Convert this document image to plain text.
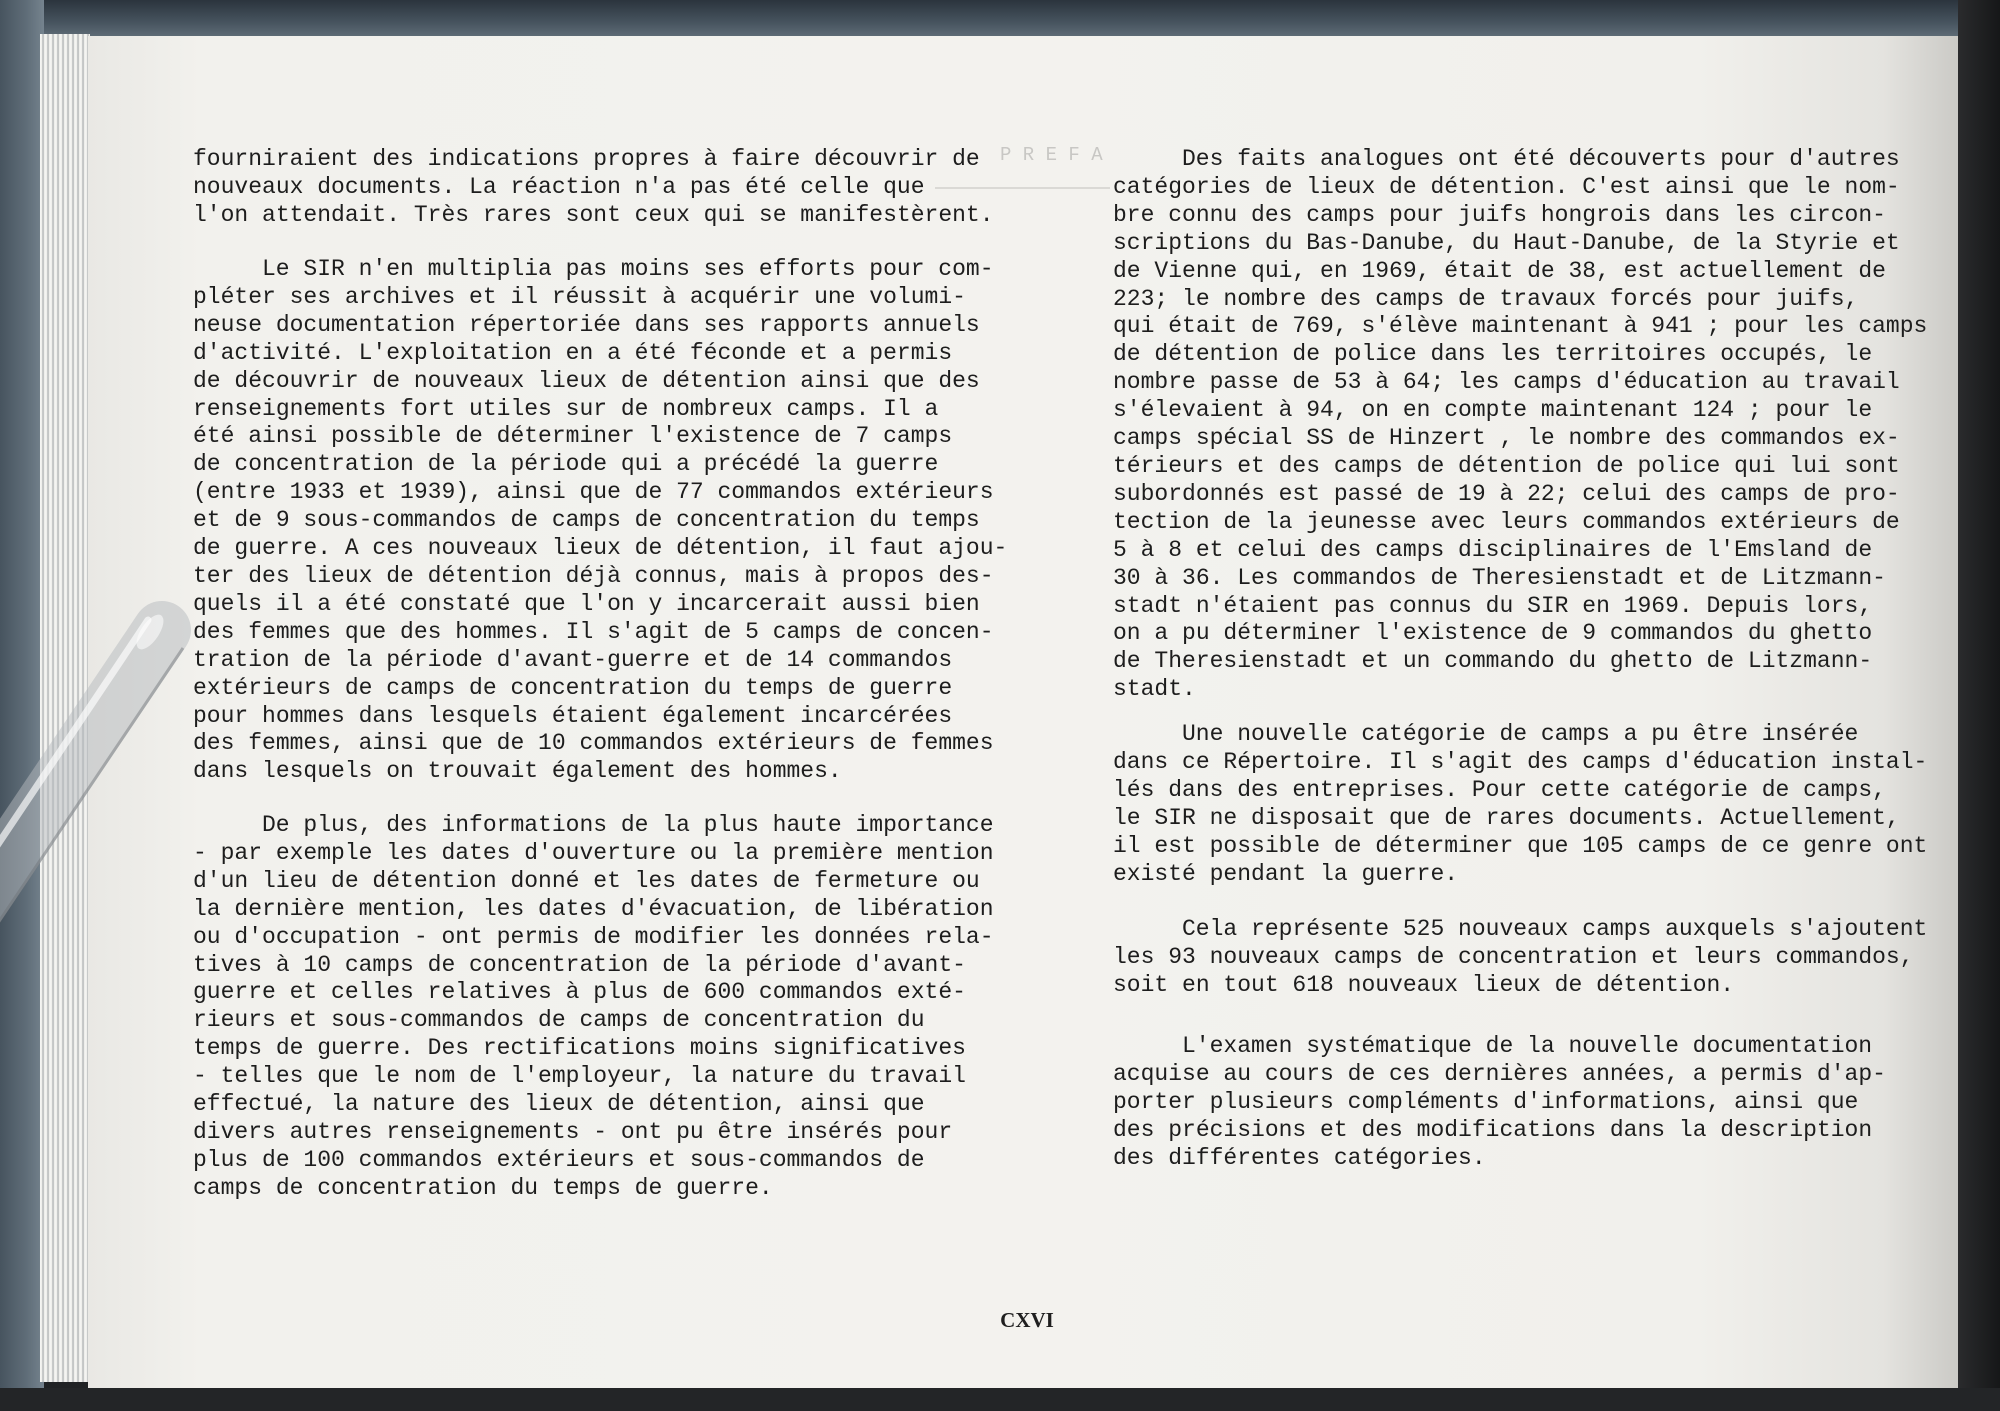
P R E F A

fourniraient des indications propres à faire découvrir de
nouveaux documents. La réaction n'a pas été celle que
l'on attendait. Très rares sont ceux qui se manifestèrent.

Le SIR n'en multiplia pas moins ses efforts pour com-
pléter ses archives et il réussit à acquérir une volumi-
neuse documentation répertoriée dans ses rapports annuels
d'activité. L'exploitation en a été féconde et a permis
de découvrir de nouveaux lieux de détention ainsi que des
renseignements fort utiles sur de nombreux camps. Il a
été ainsi possible de déterminer l'existence de 7 camps
de concentration de la période qui a précédé la guerre
(entre 1933 et 1939), ainsi que de 77 commandos extérieurs
et de 9 sous-commandos de camps de concentration du temps
de guerre. A ces nouveaux lieux de détention, il faut ajou-
ter des lieux de détention déjà connus, mais à propos des-
quels il a été constaté que l'on y incarcerait aussi bien
des femmes que des hommes. Il s'agit de 5 camps de concen-
tration de la période d'avant-guerre et de 14 commandos
extérieurs de camps de concentration du temps de guerre
pour hommes dans lesquels étaient également incarcérées
des femmes, ainsi que de 10 commandos extérieurs de femmes
dans lesquels on trouvait également des hommes.

De plus, des informations de la plus haute importance
- par exemple les dates d'ouverture ou la première mention
d'un lieu de détention donné et les dates de fermeture ou
la dernière mention, les dates d'évacuation, de libération
ou d'occupation - ont permis de modifier les données rela-
tives à 10 camps de concentration de la période d'avant-
guerre et celles relatives à plus de 600 commandos exté-
rieurs et sous-commandos de camps de concentration du
temps de guerre. Des rectifications moins significatives
- telles que le nom de l'employeur, la nature du travail
effectué, la nature des lieux de détention, ainsi que
divers autres renseignements - ont pu être insérés pour
plus de 100 commandos extérieurs et sous-commandos de
camps de concentration du temps de guerre.

Des faits analogues ont été découverts pour d'autres
catégories de lieux de détention. C'est ainsi que le nom-
bre connu des camps pour juifs hongrois dans les circon-
scriptions du Bas-Danube, du Haut-Danube, de la Styrie et
de Vienne qui, en 1969, était de 38, est actuellement de
223; le nombre des camps de travaux forcés pour juifs,
qui était de 769, s'élève maintenant à 941 ; pour les camps
de détention de police dans les territoires occupés, le
nombre passe de 53 à 64; les camps d'éducation au travail
s'élevaient à 94, on en compte maintenant 124 ; pour le
camps spécial SS de Hinzert , le nombre des commandos ex-
térieurs et des camps de détention de police qui lui sont
subordonnés est passé de 19 à 22; celui des camps de pro-
tection de la jeunesse avec leurs commandos extérieurs de
5 à 8 et celui des camps disciplinaires de l'Emsland de
30 à 36. Les commandos de Theresienstadt et de Litzmann-
stadt n'étaient pas connus du SIR en 1969. Depuis lors,
on a pu déterminer l'existence de 9 commandos du ghetto
de Theresienstadt et un commando du ghetto de Litzmann-
stadt.

Une nouvelle catégorie de camps a pu être insérée
dans ce Répertoire. Il s'agit des camps d'éducation instal-
lés dans des entreprises. Pour cette catégorie de camps,
le SIR ne disposait que de rares documents. Actuellement,
il est possible de déterminer que 105 camps de ce genre ont
existé pendant la guerre.

Cela représente 525 nouveaux camps auxquels s'ajoutent
les 93 nouveaux camps de concentration et leurs commandos,
soit en tout 618 nouveaux lieux de détention.

L'examen systématique de la nouvelle documentation
acquise au cours de ces dernières années, a permis d'ap-
porter plusieurs compléments d'informations, ainsi que
des précisions et des modifications dans la description
des différentes catégories.

CXVI
